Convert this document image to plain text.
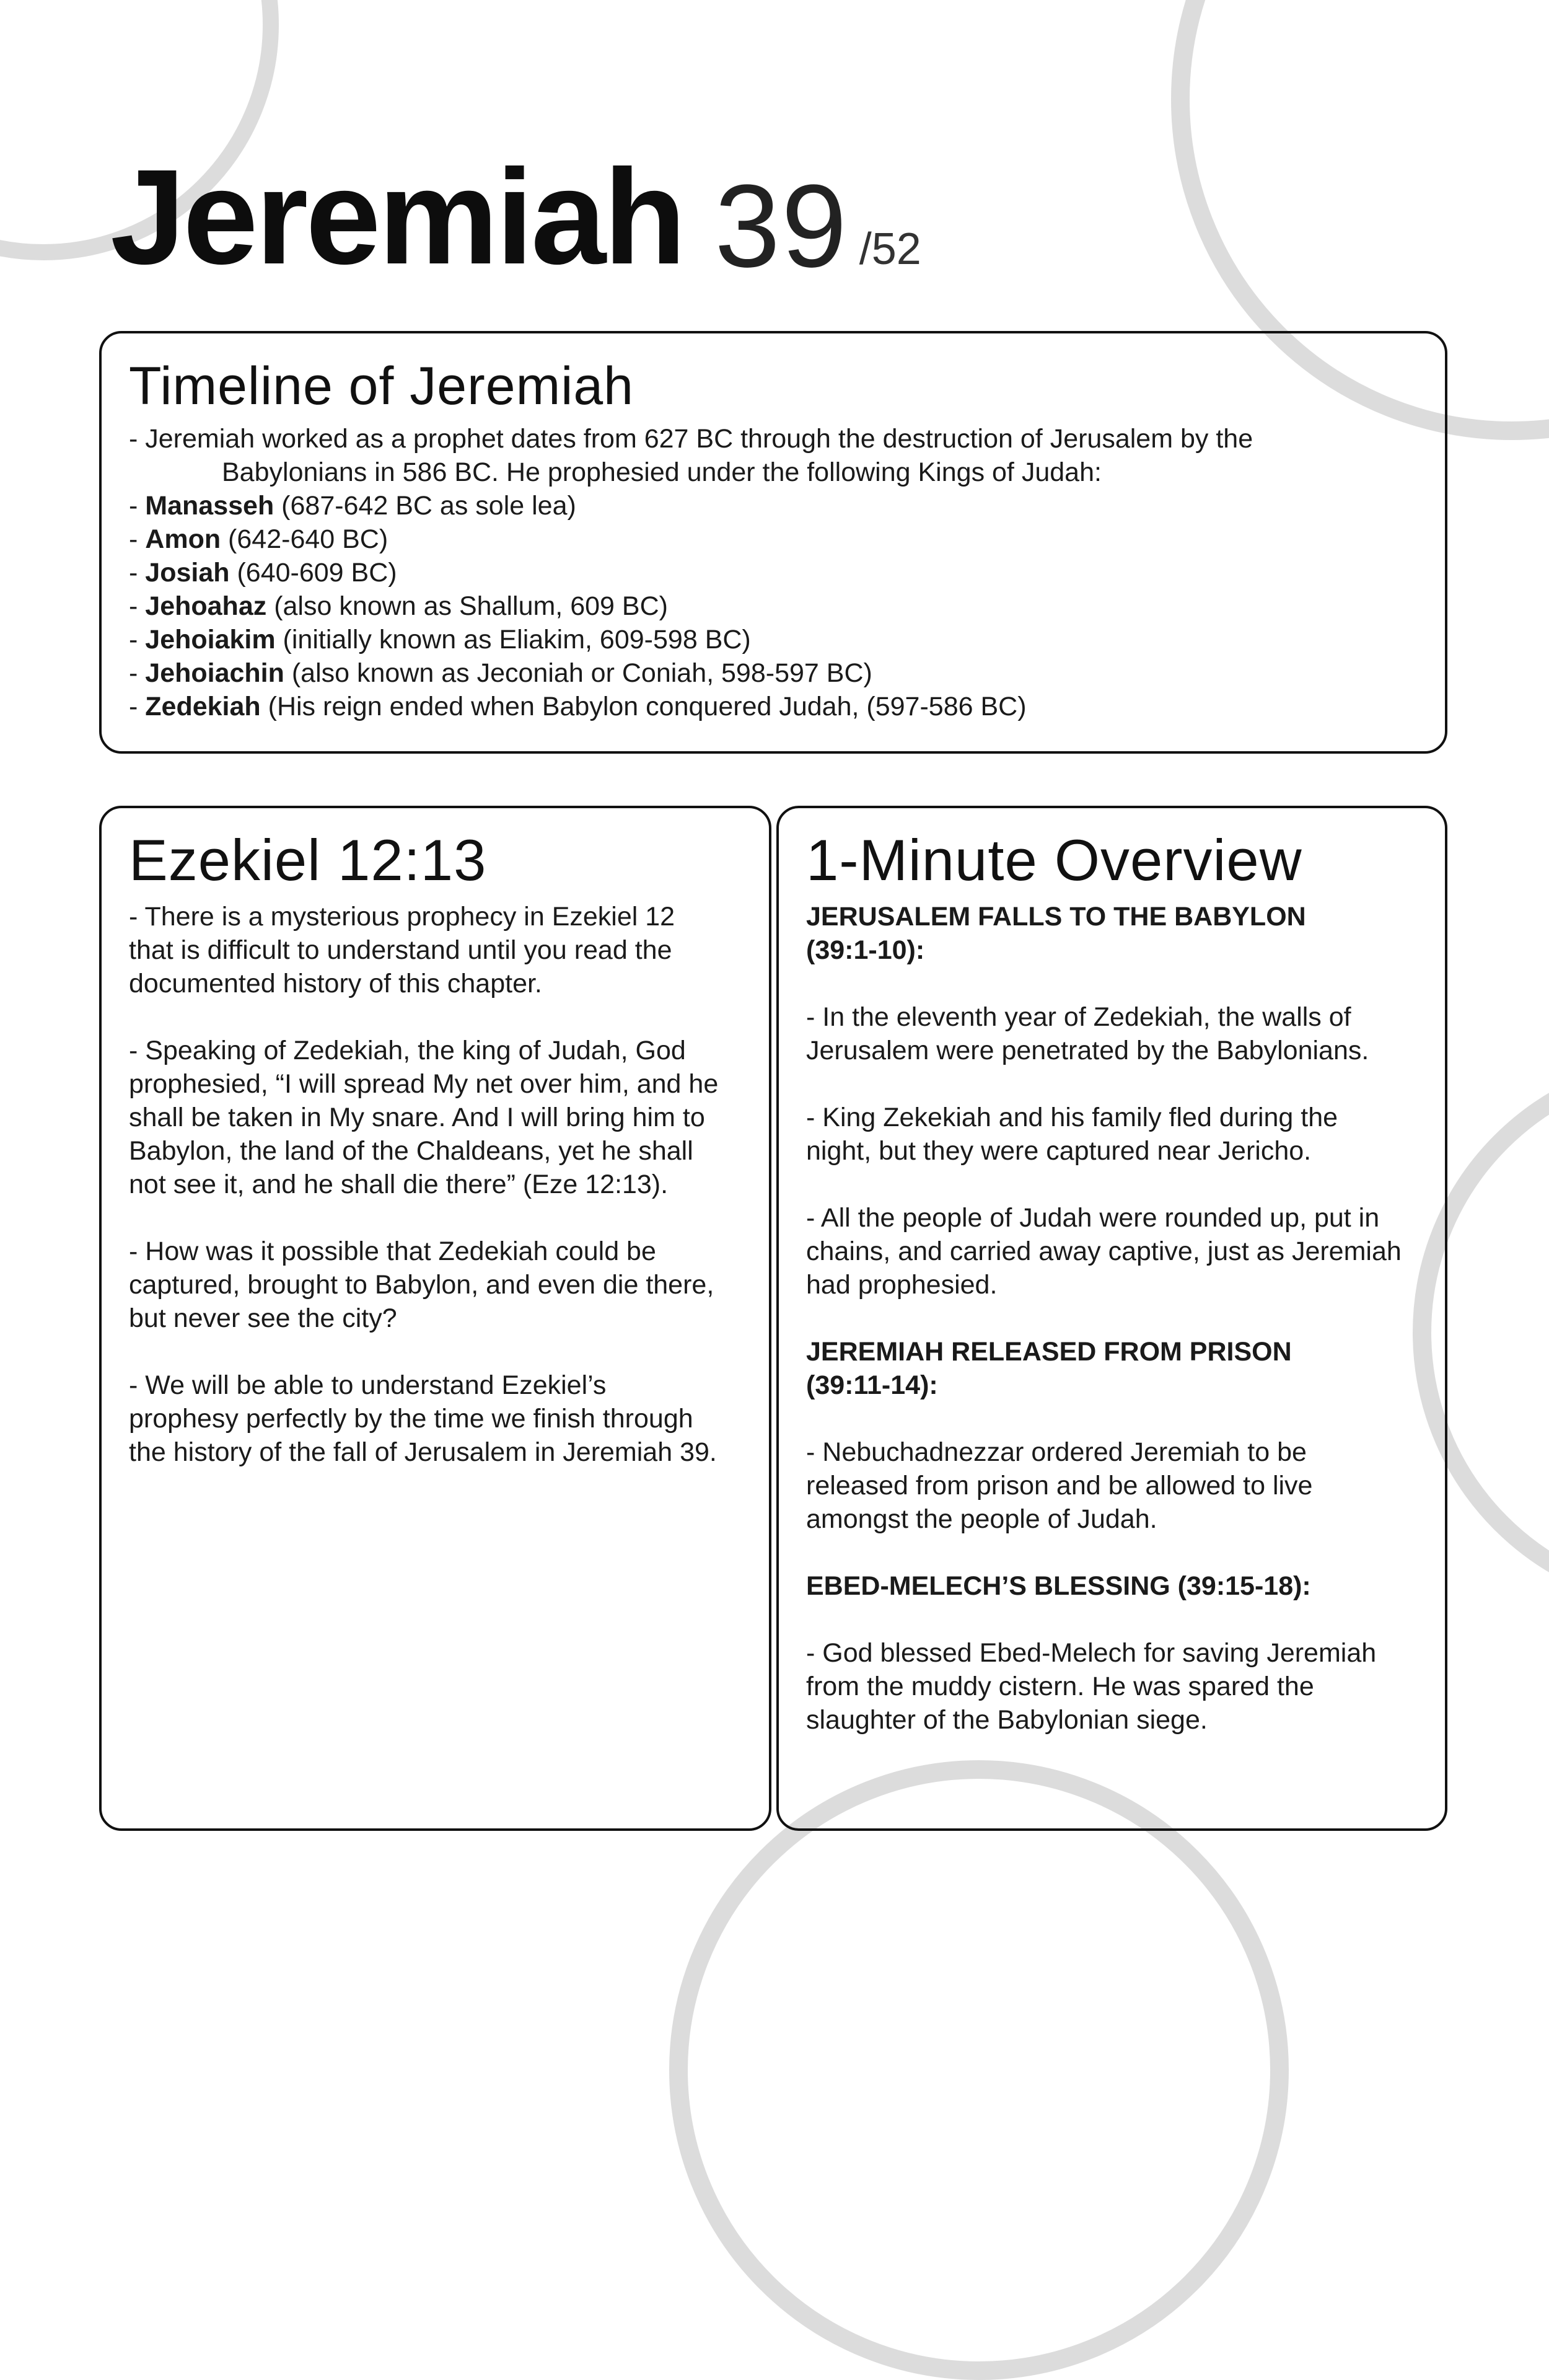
Jeremiah 39 /52
Timeline of Jeremiah

- Jeremiah worked as a prophet dates from 627 BC through the destruction of Jerusalem by the

Babylonians in 586 BC. He prophesied under the following Kings of Judah:

- Manasseh (687-642 BC as sole lea)

- Amon (642-640 BC)

- Josiah (640-609 BC)

- Jehoahaz (also known as Shallum, 609 BC)

- Jehoiakim (initially known as Eliakim, 609-598 BC)

- Jehoiachin (also known as Jeconiah or Coniah, 598-597 BC)

- Zedekiah (His reign ended when Babylon conquered Judah, (597-586 BC)

Ezekiel 12:13

- There is a mysterious prophecy in Ezekiel 12

that is difficult to understand until you read the

documented history of this chapter.

- Speaking of Zedekiah, the king of Judah, God

prophesied, “I will spread My net over him, and he

shall be taken in My snare. And I will bring him to

Babylon, the land of the Chaldeans, yet he shall

not see it, and he shall die there” (Eze 12:13).

- How was it possible that Zedekiah could be

captured, brought to Babylon, and even die there,

but never see the city?

- We will be able to understand Ezekiel’s

prophesy perfectly by the time we finish through

the history of the fall of Jerusalem in Jeremiah 39.

1-Minute Overview

JERUSALEM FALLS TO THE BABYLON

(39:1-10):

- In the eleventh year of Zedekiah, the walls of

Jerusalem were penetrated by the Babylonians.

- King Zekekiah and his family fled during the

night, but they were captured near Jericho.

- All the people of Judah were rounded up, put in

chains, and carried away captive, just as Jeremiah

had prophesied.

JEREMIAH RELEASED FROM PRISON

(39:11-14):

- Nebuchadnezzar ordered Jeremiah to be

released from prison and be allowed to live

amongst the people of Judah.

EBED-MELECH’S BLESSING (39:15-18):

- God blessed Ebed-Melech for saving Jeremiah

from the muddy cistern. He was spared the

slaughter of the Babylonian siege.
